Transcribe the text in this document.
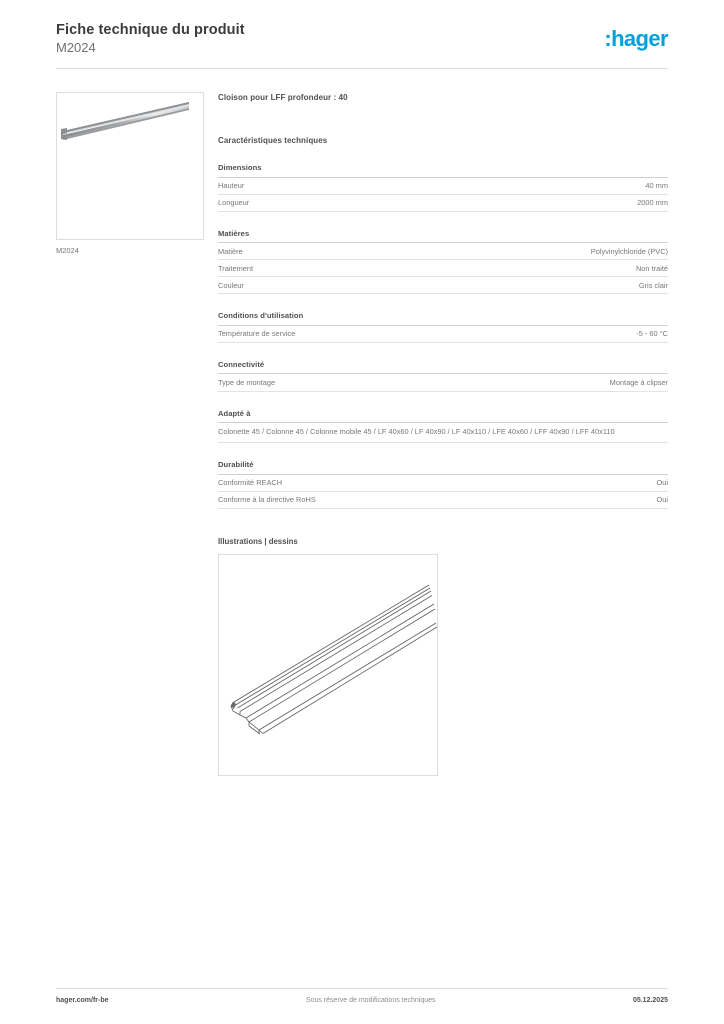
Fiche technique du produit
M2024	:hager
M2024
Cloison pour LFF profondeur : 40
Caractéristiques techniques
Dimensions
Hauteur	40 mm
Longueur	2000 mm
Matières
Matière	Polyvinylchloride (PVC)
Traitement	Non traité
Couleur	Gris clair
Conditions d'utilisation
Température de service	-5 - 60 °C
Connectivité
Type de montage	Montage à clipser
Adapté à
Colonette 45 / Colonne 45 / Colonne mobile 45 / LF 40x60 / LF 40x90 / LF 40x110 / LFE 40x60 / LFF 40x90 / LFF 40x110
Durabilité
Conformité REACH	Oui
Conforme à la directive RoHS	Oui
Illustrations | dessins
hager.com/fr-be	Sous réserve de modifications techniques	05.12.2025
